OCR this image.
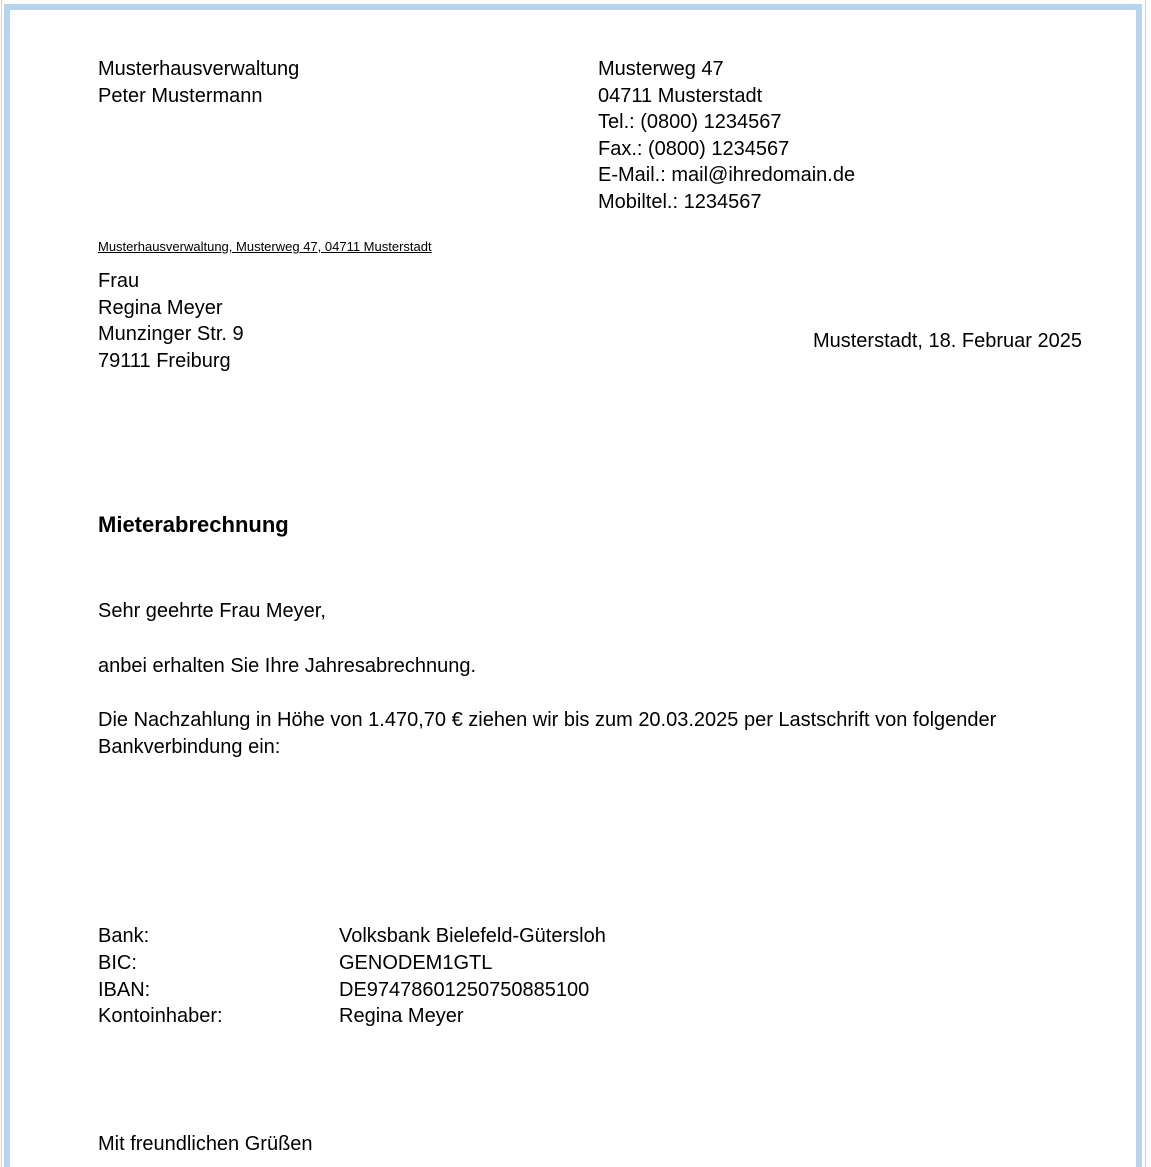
Musterhausverwaltung
Peter Mustermann
Musterweg 47
04711 Musterstadt
Tel.: (0800) 1234567
Fax.: (0800) 1234567
E-Mail.: mail@ihredomain.de
Mobiltel.: 1234567
Musterhausverwaltung, Musterweg 47, 04711 Musterstadt
Frau
Regina Meyer
Munzinger Str. 9
79111 Freiburg
Musterstadt, 18. Februar 2025
Mieterabrechnung

Sehr geehrte Frau Meyer,

anbei erhalten Sie Ihre Jahresabrechnung.

Die Nachzahlung in Höhe von 1.470,70 € ziehen wir bis zum 20.03.2025 per Lastschrift von folgender Bankverbindung ein:

Bank:	Volksbank Bielefeld-Gütersloh
BIC:	GENODEM1GTL
IBAN:	DE97478601250750885100
Kontoinhaber:	Regina Meyer
Mit freundlichen Grüßen
